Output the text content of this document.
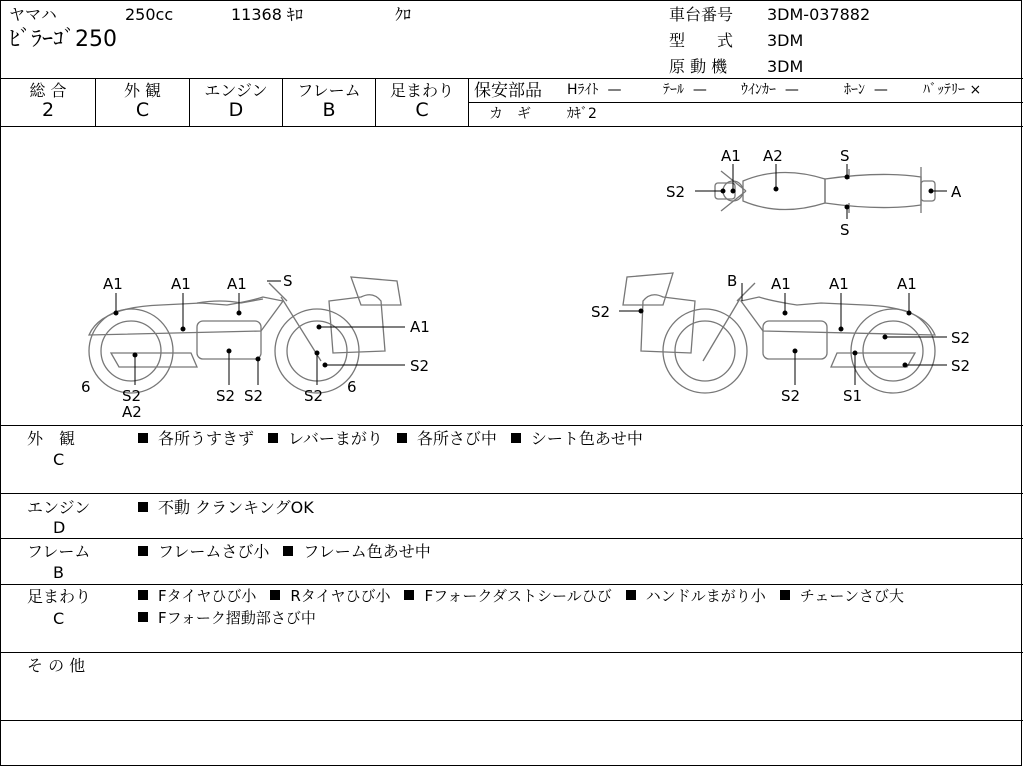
ヤマハ	250cc	11368 ｷﾛ	ｸﾛ
ﾋﾞﾗｰｺﾞ250
車台番号 3DM-037882
型　　式 3DM
原 動 機 3DM
総 合
2
外 観
C
エンジン
D
フレーム
B
足まわり
C
保安部品 Hﾗｲﾄ —	ﾃｰﾙ — ｳｲﾝｶｰ —	ﾎｰﾝ —	ﾊﾞｯﾃﾘｰ ×
カ　ギ	ｶｷﾞ2
A1 A2	S
S2	A
S
A1	A1 A1 S
A1
S2
6 S2
A2
S2 S2	S2 6
B A1	A1	A1
S2
S2
S2
S2	S1
外　観
C
各所うすきず レバーまがり 各所さび中 シート色あせ中
エンジン
D
不動 クランキングOK
フレーム
B
フレームさび小 フレーム色あせ中
足まわり
C
Fタイヤひび小 Rタイヤひび小 Fフォークダストシールひび ハンドルまがり小 チェーンさび大
Fフォーク摺動部さび中
そ の 他
